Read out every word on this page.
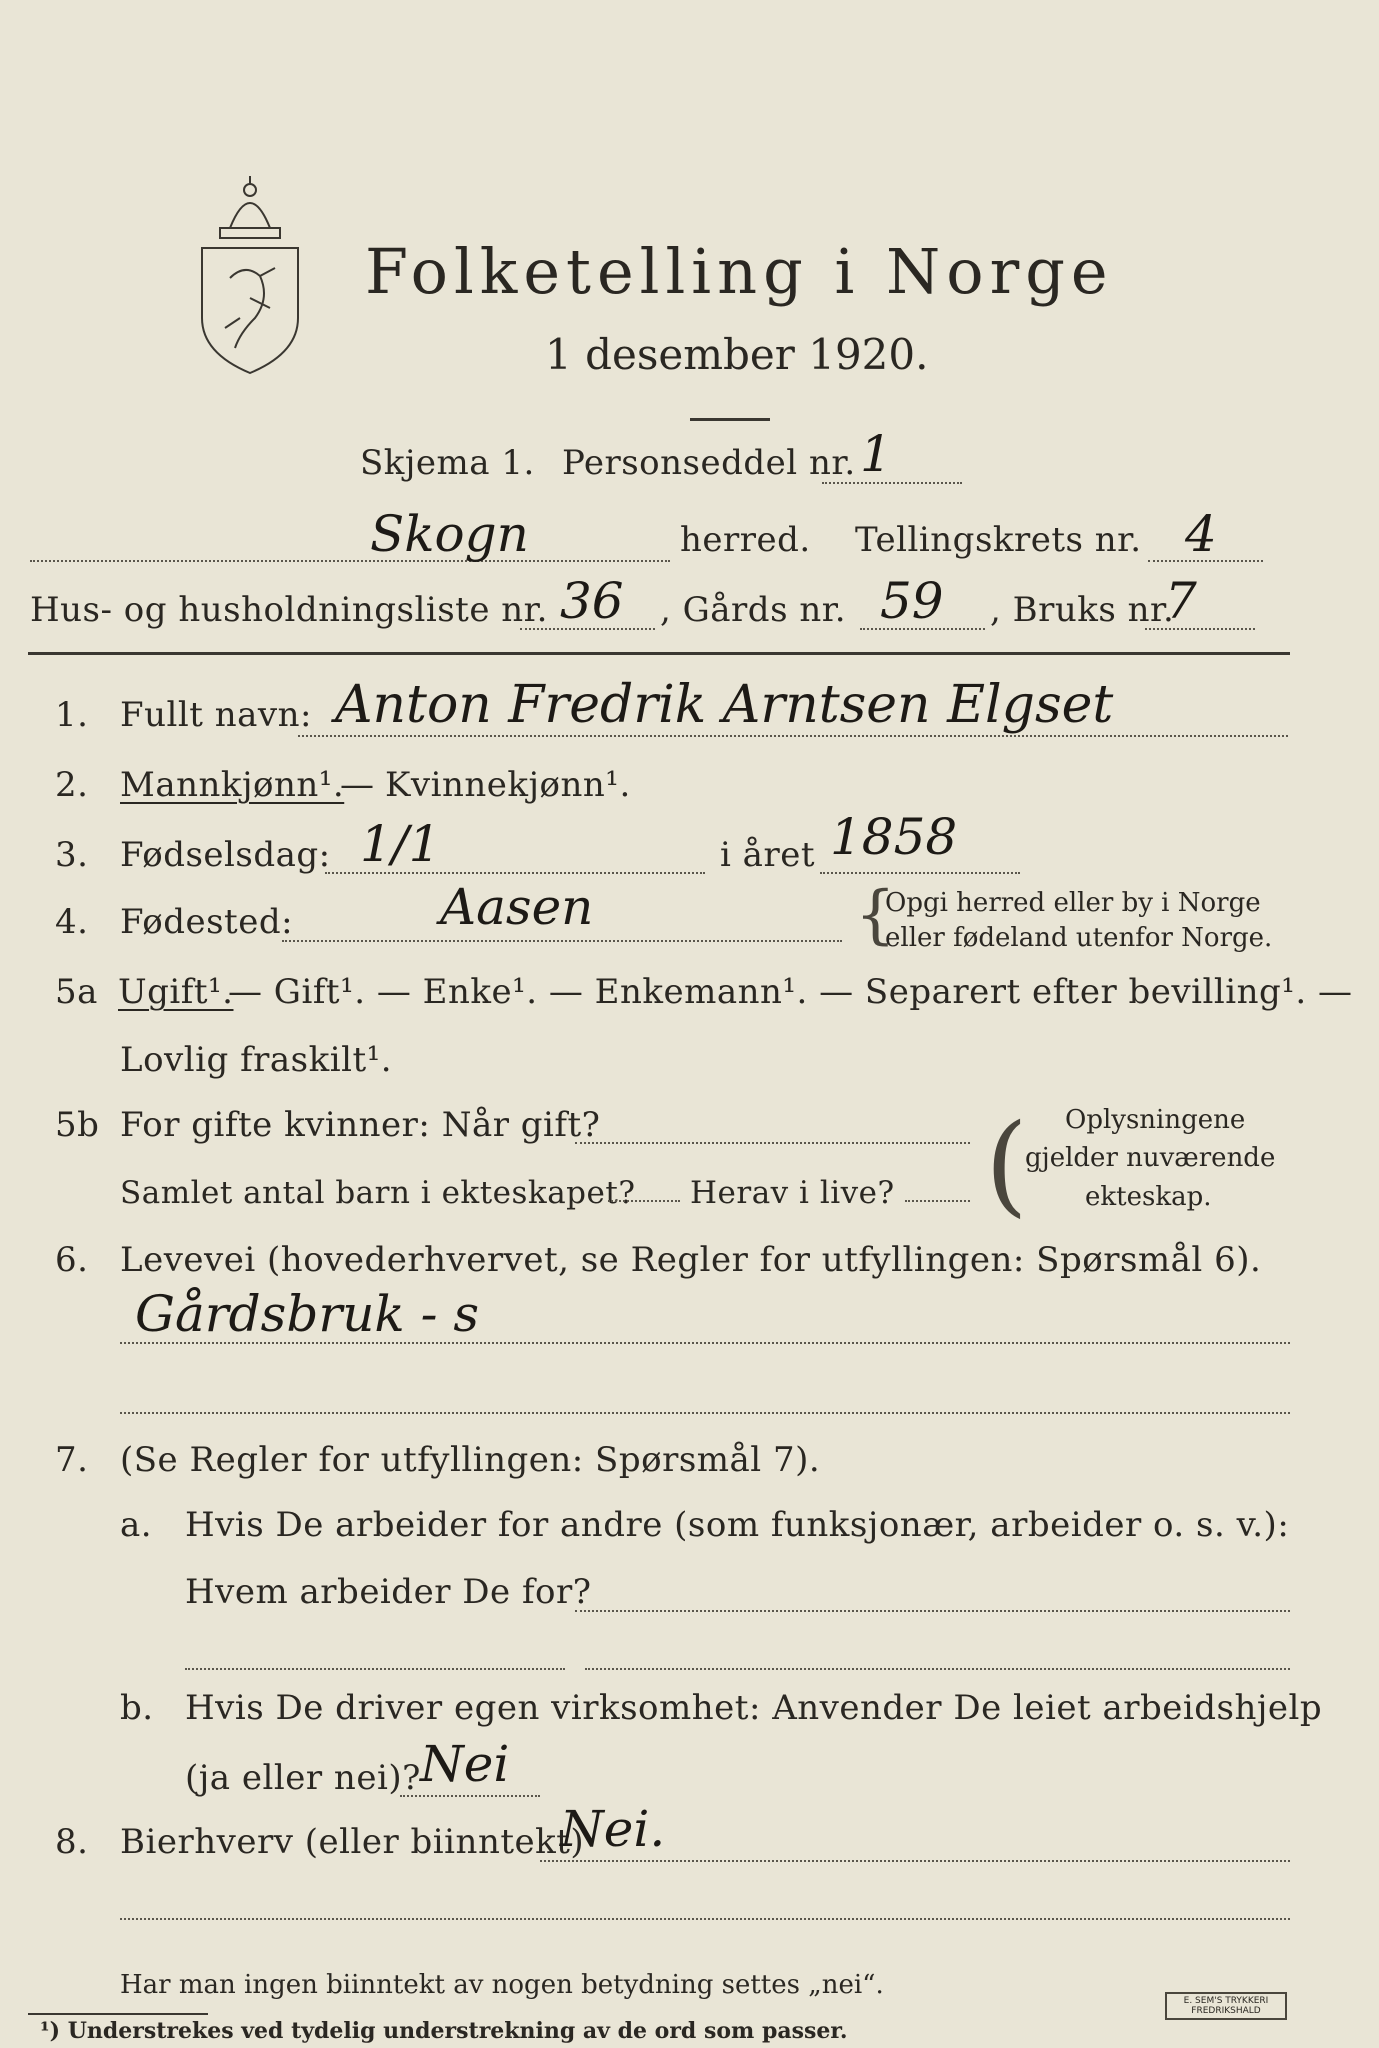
Folketelling i Norge
1 desember 1920.
Skjema 1. Personseddel nr. 1
Skogn	herred. Tellingskrets nr. 4
Hus- og husholdningsliste nr. 36 , Gårds nr. 59 , Bruks nr.
7
1. Fullt navn: Anton Fredrik Arntsen Elgset
2. Mannkjønn¹.
— Kvinnekjønn¹.
3. Fødselsdag: 1/1	i året 1858
4. Fødested:	Aasen	{
Opgi herred eller by i Norge
eller fødeland utenfor Norge.
5a Ugift¹.
— Gift¹. — Enke¹. — Enkemann¹. — Separert efter bevilling¹. —
Lovlig fraskilt¹.
5b For gifte kvinner: Når gift?
Samlet antal barn i ekteskapet? Herav i live? ( Oplysningene
gjelder nuværende
ekteskap.
6. Levevei (hovederhvervet, se Regler for utfyllingen: Spørsmål 6).
Gårdsbruk - s
7. (Se Regler for utfyllingen: Spørsmål 7).
a. Hvis De arbeider for andre (som funksjonær, arbeider o. s. v.):
Hvem arbeider De for?
b. Hvis De driver egen virksomhet: Anvender De leiet arbeidshjelp
(ja eller nei)? Nei
8. Bierhverv (eller biinntekt)
Nei.
Har man ingen biinntekt av nogen betydning settes „nei“.
¹) Understrekes ved tydelig understrekning av de ord som passer.
E. SEM'S TRYKKERI
FREDRIKSHALD
